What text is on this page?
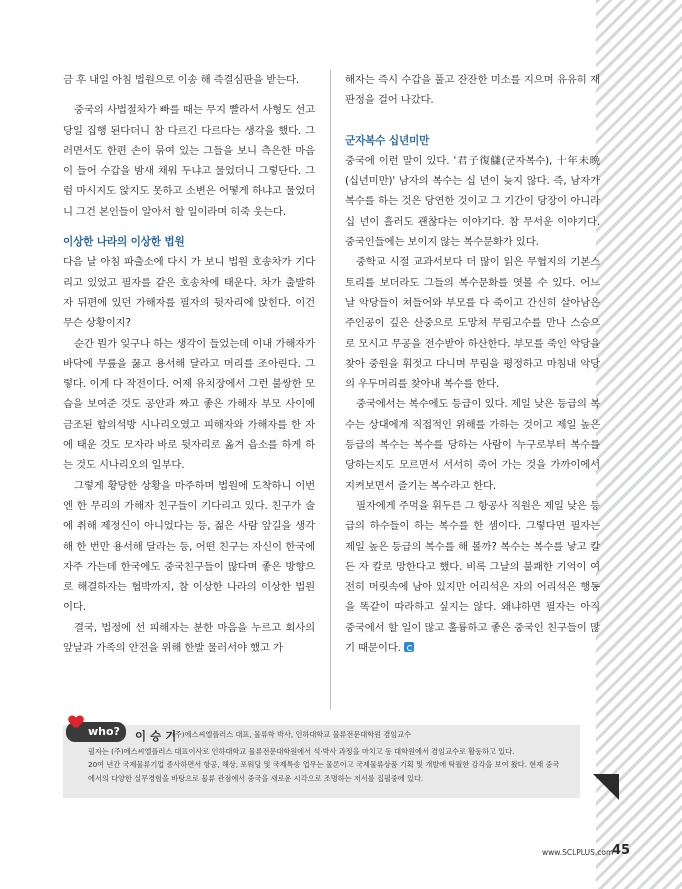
금 후 내일 아침 법원으로 이송 해 즉결심판을 받는다.

중국의 사법절차가 빠를 때는 무지 빨라서 사형도 선고 당일 집행 된다더니 참 다르긴 다르다는 생각을 했다. 그러면서도 한편 손이 묶여 있는 그들을 보니 측은한 마음이 들어 수갑을 밤새 채워 두냐고 물었더니 그렇단다. 그럼 마시지도 앉지도 못하고 소변은 어떻게 하냐고 물었더니 그건 본인들이 알아서 할 일이라며 히죽 웃는다.

이상한 나라의 이상한 법원

다음 날 아침 파출소에 다시 가 보니 법원 호송차가 기다리고 있었고 필자를 같은 호송차에 태운다. 차가 출발하자 뒤편에 있던 가해자를 필자의 뒷자리에 앉힌다. 이건 무슨 상황이지?

순간 뭔가 잊구나 하는 생각이 들었는데 이내 가해자가 바닥에 무릎을 꿇고 용서해 달라고 머리를 조아린다. 그렇다. 이게 다 작전이다. 어제 유치장에서 그런 불쌍한 모습을 보여준 것도 공안과 짜고 좋은 가해자 부모 사이에 금조된 합의석방 시나리오였고 피해자와 가해자를 한 자에 태운 것도 모자라 바로 뒷자리로 옮겨 읍소를 하게 하는 것도 시나리오의 일부다.

그렇게 황당한 상황을 마주하며 법원에 도착하니 이번엔 한 무리의 가해자 친구들이 기다리고 있다. 친구가 술에 취해 제정신이 아니었다는 등, 젊은 사람 앞길을 생각해 한 번만 용서해 달라는 등, 어떤 친구는 자신이 한국에 자주 가는데 한국에도 중국친구들이 많다며 좋은 방향으로 해결하자는 협박까지, 참 이상한 나라의 이상한 법원이다.

결국, 법정에 선 피해자는 분한 마음을 누르고 회사의 앞날과 가족의 안전을 위해 한발 물러서야 했고 가

해자는 즉시 수갑을 풀고 잔잔한 미소를 지으며 유유히 재판정을 걸어 나갔다.

군자복수 십년미만

중국에 이런 말이 있다. '君子復讎(군자복수), 十年未晩(십년미만)' 남자의 복수는 십 년이 늦지 않다. 즉, 남자가 복수를 하는 것은 당연한 것이고 그 기간이 당장이 아니라 십 년이 흘러도 괜찮다는 이야기다. 참 무서운 이야기다. 중국인들에는 보이지 않는 복수문화가 있다.

중학교 시절 교과서보다 더 많이 읽은 무협지의 기본스토리를 보더라도 그들의 복수문화를 엿볼 수 있다. 어느 날 악당들이 쳐들어와 부모를 다 죽이고 간신히 살아남은 주인공이 깊은 산중으로 도망쳐 무림고수를 만나 스승으로 모시고 무공을 전수받아 하산한다. 부모를 죽인 악당을 찾아 중원을 휘젓고 다니며 무림을 평정하고 마침내 악당의 우두머리를 찾아내 복수를 한다.

중국에서는 복수에도 등급이 있다. 제일 낮은 등급의 복수는 상대에게 직접적인 위해를 가하는 것이고 제일 높은 등급의 복수는 복수를 당하는 사람이 누구로부터 복수를 당하는지도 모르면서 서서히 죽어 가는 것을 가까이에서 지켜보면서 즐기는 복수라고 한다.

필자에게 주먹을 휘두른 그 항공사 직원은 제일 낮은 등급의 하수들이 하는 복수를 한 셈이다. 그렇다면 필자는 제일 높은 등급의 복수를 해 볼까? 복수는 복수를 낳고 칼 든 자 칼로 망한다고 했다. 비록 그날의 불쾌한 기억이 여전히 머릿속에 남아 있지만 어리석은 자의 어리석은 행동을 똑같이 따라하고 싶지는 않다. 왜냐하면 필자는 아직 중국에서 할 일이 많고 훌륭하고 좋은 중국인 친구들이 많기 때문이다.

who?	이 승 기
(주)에스씨엘플러스 대표, 물류학 박사, 인하대학교 물류전문대학원 겸임교수
필자는 (주)에스씨엘플러스 대표이사로 인하대학교 물류전문대학원에서 석·박사 과정을 마치고 동 대학원에서 겸임교수로 활동하고 있다.
20여 년간 국제물류기업 종사하면서 항공, 해상, 포워딩 및 국제특송 업무는 물론이고 국제물류상품 기획 및 개발에 탁월한 감각을 보여 왔다. 현재 중국에서의 다양한 실무경험을 바탕으로 물류 관점에서 중국을 새로운 시각으로 조명하는 저서를 집필중에 있다.
www.SCLPLUS.com
45
